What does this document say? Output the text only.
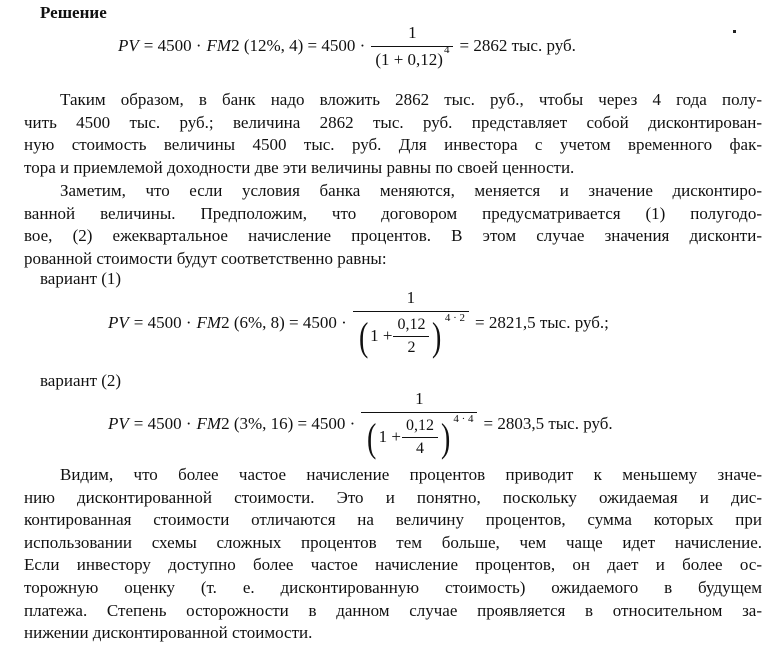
Решение
PV = 4500 · FM 2 (12%, $4) = 4500 \cdot \frac{1}{(1 + 0,12) 4} = 2862$ тыс. руб.
Таким образом, в банк надо вложить 2862 тыс. руб., чтобы через 4 года полу-
чить 4500 тыс. руб.; величина 2862 тыс. руб. представляет собой дисконтирован-
ную стоимость величины 4500 тыс. руб. Для инвестора с учетом временного фак-
тора и приемлемой доходности две эти величины равны по своей ценности.
Заметим, что если условия банка меняются, меняется и значение дисконтиро-
ванной величины. Предположим, что договором предусматривается (1) полугодо-
вое, (2) ежеквартальное начисление процентов. В этом случае значения дисконти-
рованной стоимости будут соответственно равны:
вариант (1)
PV = 4500 · FM 2 (6%, 8) = 4500 ·
1
( $1 + \frac{0,12}{2}$ ) 4 · 2 = 2821,5 тыс. руб.;
вариант (2)
PV = 4500 · FM 2 (3%, 16) = 4500 ·
1
( $1 + \frac{0,12}{4}$ ) 4 · 4 = 2803,5 тыс. руб.
Видим, что более частое начисление процентов приводит к меньшему значе-
нию дисконтированной стоимости. Это и понятно, поскольку ожидаемая и дис-
контированная стоимости отличаются на величину процентов, сумма которых при
использовании схемы сложных процентов тем больше, чем чаще идет начисление.
Если инвестору доступно более частое начисление процентов, он дает и более ос-
торожную оценку (т. е. дисконтированную стоимость) ожидаемого в будущем
платежа. Степень осторожности в данном случае проявляется в относительном за-
нижении дисконтированной стоимости.
